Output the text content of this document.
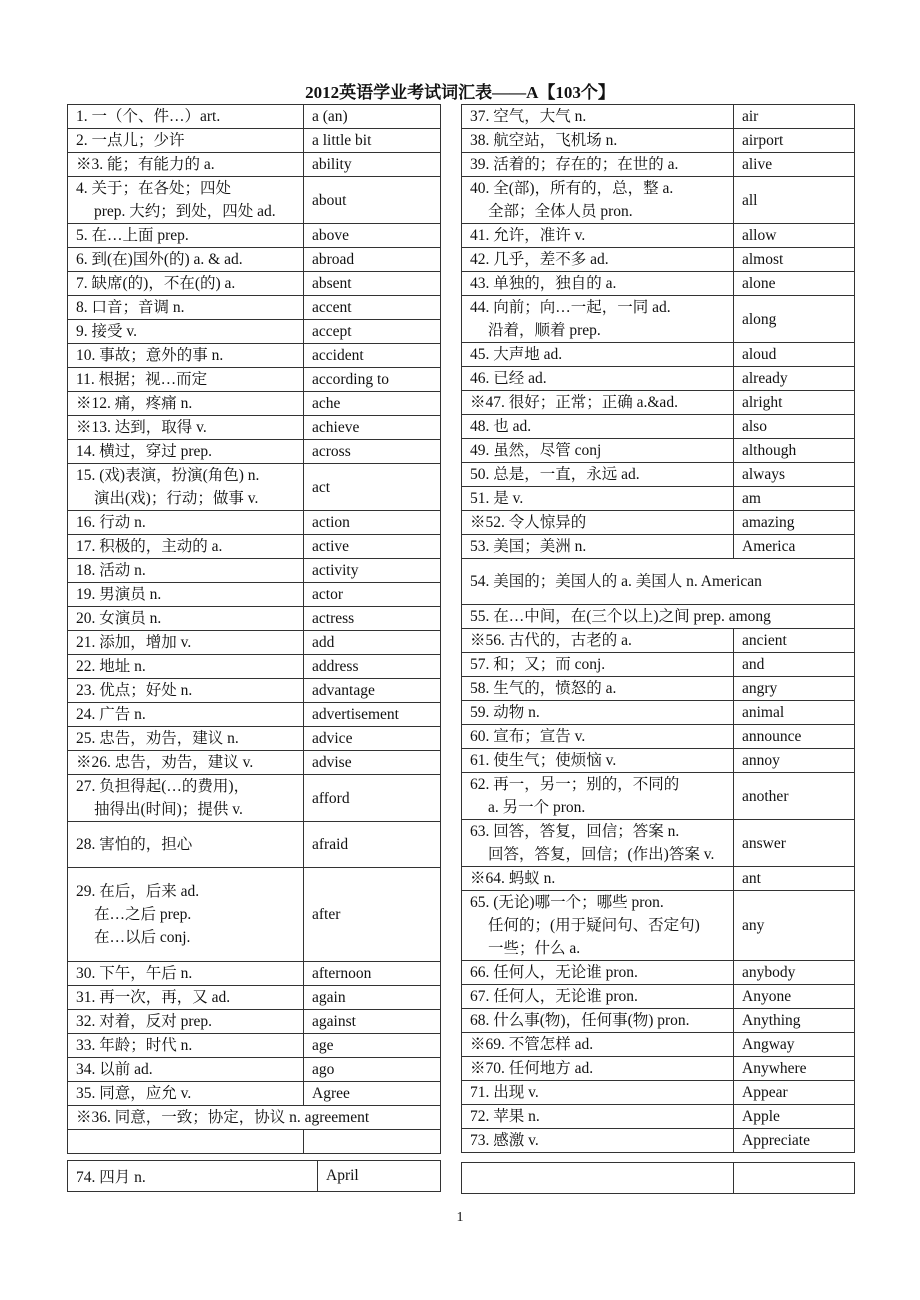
2012英语学业考试词汇表——A【103个】
1. 一（个、件…）art.	a (an)
2. 一点儿；少许	a little bit
※3. 能；有能力的 a.	ability

4. 关于；在各处；四处
prep. 大约；到处，四处 ad.	about
5. 在…上面 prep.	above
6. 到(在)国外(的) a. & ad.	abroad
7. 缺席(的)，不在(的) a.	absent
8. 口音；音调 n.	accent
9. 接受 v.	accept
10. 事故；意外的事 n.	accident
11. 根据；视…而定	according to
※12. 痛，疼痛 n.	ache
※13. 达到，取得 v.	achieve
14. 横过，穿过 prep.	across

15. (戏)表演，扮演(角色) n.
演出(戏)；行动；做事 v.	act
16. 行动 n.	action
17. 积极的，主动的 a.	active
18. 活动 n.	activity
19. 男演员 n.	actor
20. 女演员 n.	actress
21. 添加，增加 v.	add
22. 地址 n.	address
23. 优点；好处 n.	advantage
24. 广告 n.	advertisement
25. 忠告，劝告，建议 n.	advice
※26. 忠告，劝告，建议 v.	advise

27. 负担得起(…的费用)，
抽得出(时间)；提供 v.	afford

28. 害怕的，担心	afraid

29. 在后，后来 ad.
在…之后 prep.
在…以后 conj.	after
30. 下午，午后 n.	afternoon
31. 再一次，再，又 ad.	again
32. 对着，反对 prep.	against
33. 年龄；时代 n.	age
34. 以前 ad.	ago
35. 同意，应允 v.	Agree
※36. 同意，一致；协定，协议 n. agreement	

74. 四月 n.	April
37. 空气，大气 n.	air
38. 航空站，飞机场 n.	airport
39. 活着的；存在的；在世的 a.	alive

40. 全(部)，所有的，总，整 a.
全部；全体人员 pron.	all
41. 允许，准许 v.	allow
42. 几乎，差不多 ad.	almost
43. 单独的，独自的 a.	alone

44. 向前；向…一起，一同 ad.
沿着，顺着 prep.	along
45. 大声地 ad.	aloud
46. 已经 ad.	already
※47. 很好；正常；正确 a.&ad.	alright
48. 也 ad.	also
49. 虽然，尽管 conj	although
50. 总是，一直，永远 ad.	always
51. 是 v.	am
※52. 令人惊异的	amazing
53. 美国；美洲 n.	America
54. 美国的；美国人的 a. 美国人 n. American	
55. 在…中间，在(三个以上)之间 prep. among	
※56. 古代的，古老的 a.	ancient
57. 和；又；而 conj.	and
58. 生气的，愤怒的 a.	angry
59. 动物 n.	animal
60. 宣布；宣告 v.	announce
61. 使生气；使烦恼 v.	annoy

62. 再一，另一；别的，不同的
a. 另一个 pron.	another

63. 回答，答复，回信；答案 n.
回答，答复，回信；(作出)答案 v.	answer
※64. 蚂蚁 n.	ant

65. (无论)哪一个；哪些 pron.
任何的；(用于疑问句、否定句)
一些；什么 a.	any
66. 任何人，无论谁 pron.	anybody
67. 任何人，无论谁 pron.	Anyone
68. 什么事(物)，任何事(物) pron.	Anything
※69. 不管怎样 ad.	Angway
※70. 任何地方 ad.	Anywhere
71. 出现 v.	Appear
72. 苹果 n.	Apple
73. 感激 v.	Appreciate

1
